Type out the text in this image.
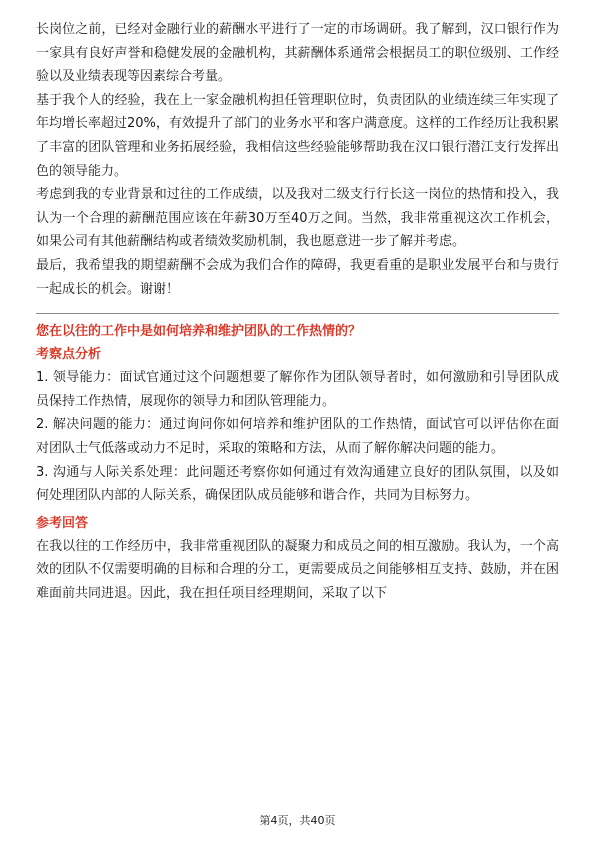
长岗位之前，已经对金融行业的薪酬水平进行了一定的市场调研。我了解到，汉口银行作为一家具有良好声誉和稳健发展的金融机构，其薪酬体系通常会根据员工的职位级别、工作经验以及业绩表现等因素综合考量。

基于我个人的经验，我在上一家金融机构担任管理职位时，负责团队的业绩连续三年实现了年均增长率超过20%，有效提升了部门的业务水平和客户满意度。这样的工作经历让我积累了丰富的团队管理和业务拓展经验，我相信这些经验能够帮助我在汉口银行潜江支行发挥出色的领导能力。

考虑到我的专业背景和过往的工作成绩，以及我对二级支行行长这一岗位的热情和投入，我认为一个合理的薪酬范围应该在年薪30万至40万之间。当然，我非常重视这次工作机会，如果公司有其他薪酬结构或者绩效奖励机制，我也愿意进一步了解并考虑。

最后，我希望我的期望薪酬不会成为我们合作的障碍，我更看重的是职业发展平台和与贵行一起成长的机会。谢谢！

您在以往的工作中是如何培养和维护团队的工作热情的？

考察点分析

1. 领导能力：面试官通过这个问题想要了解你作为团队领导者时，如何激励和引导团队成员保持工作热情，展现你的领导力和团队管理能力。

2. 解决问题的能力：通过询问你如何培养和维护团队的工作热情，面试官可以评估你在面对团队士气低落或动力不足时，采取的策略和方法，从而了解你解决问题的能力。

3. 沟通与人际关系处理：此问题还考察你如何通过有效沟通建立良好的团队氛围，以及如何处理团队内部的人际关系，确保团队成员能够和谐合作，共同为目标努力。

参考回答

在我以往的工作经历中，我非常重视团队的凝聚力和成员之间的相互激励。我认为，一个高效的团队不仅需要明确的目标和合理的分工，更需要成员之间能够相互支持、鼓励，并在困难面前共同进退。因此，我在担任项目经理期间，采取了以下

第4页，共40页
